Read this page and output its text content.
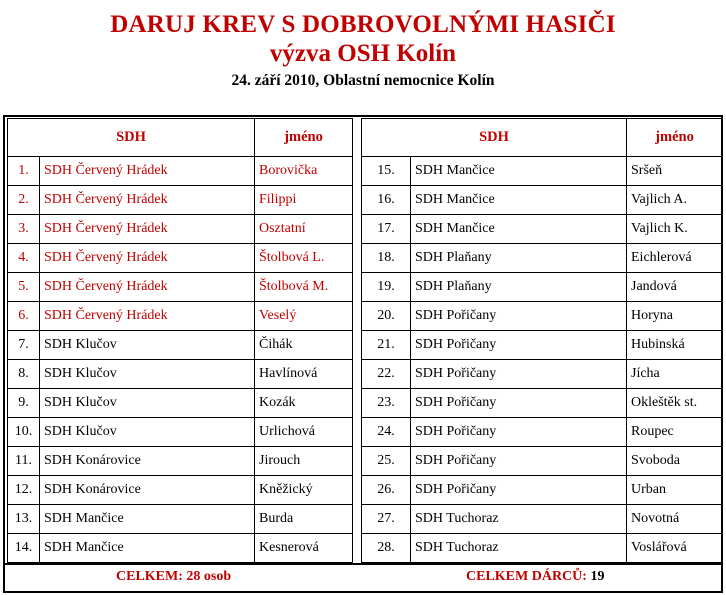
DARUJ KREV S DOBROVOLNÝMI HASIČI
výzva OSH Kolín
24. září 2010, Oblastní nemocnice Kolín
SDH		jméno
1.	SDH Červený Hrádek	Borovička
2.	SDH Červený Hrádek	Filippi
3.	SDH Červený Hrádek	Osztatní
4.	SDH Červený Hrádek	Štolbová L.
5.	SDH Červený Hrádek	Štolbová M.
6.	SDH Červený Hrádek	Veselý
7.	SDH Klučov	Čihák
8.	SDH Klučov	Havlínová
9.	SDH Klučov	Kozák
10.	SDH Klučov	Urlichová
11.	SDH Konárovice	Jirouch
12.	SDH Konárovice	Kněžický
13.	SDH Mančice	Burda
14.	SDH Mančice	Kesnerová
SDH		jméno
15.	SDH Mančice	Sršeň
16.	SDH Mančice	Vajlich A.
17.	SDH Mančice	Vajlich K.
18.	SDH Plaňany	Eichlerová
19.	SDH Plaňany	Jandová
20.	SDH Pořičany	Horyna
21.	SDH Pořičany	Hubinská
22.	SDH Pořičany	Jícha
23.	SDH Pořičany	Okleštěk st.
24.	SDH Pořičany	Roupec
25.	SDH Pořičany	Svoboda
26.	SDH Pořičany	Urban
27.	SDH Tuchoraz	Novotná
28.	SDH Tuchoraz	Voslářová
CELKEM: 28 osob	CELKEM DÁRCŮ: 19
